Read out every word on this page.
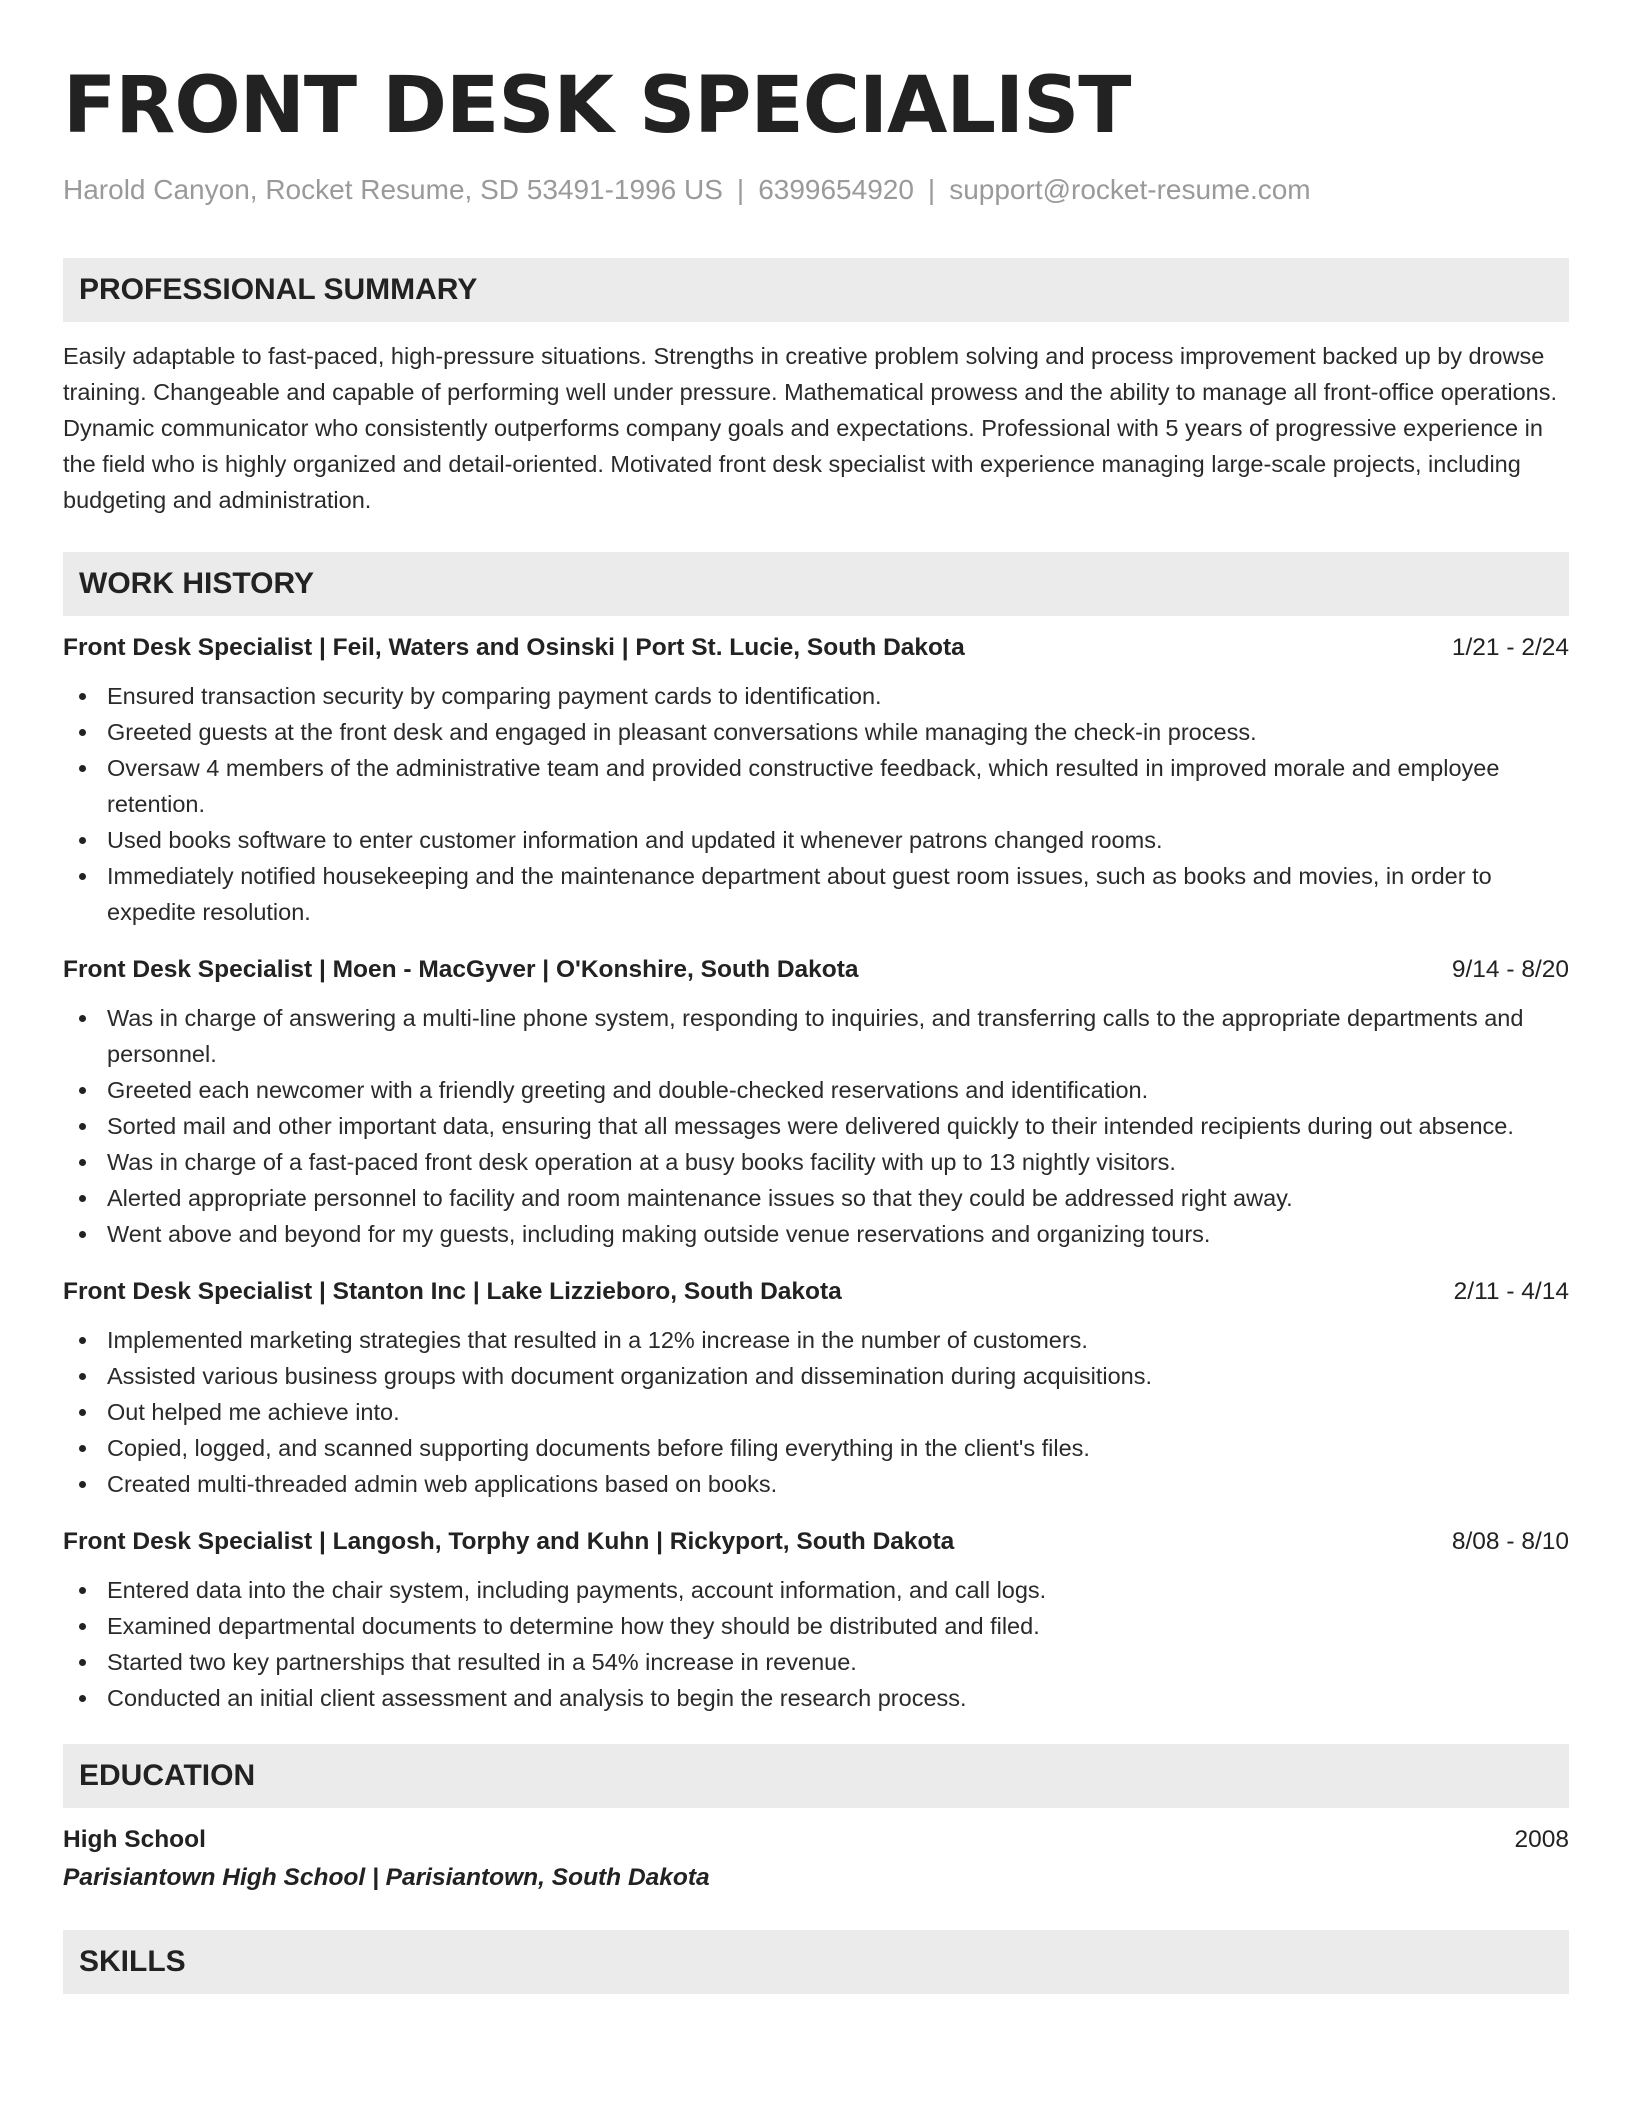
FRONT DESK SPECIALIST
Harold Canyon, Rocket Resume, SD 53491-1996 US | 6399654920 | support@rocket-resume.com
PROFESSIONAL SUMMARY
Easily adaptable to fast-paced, high-pressure situations. Strengths in creative problem solving and process improvement backed up by drowse training. Changeable and capable of performing well under pressure. Mathematical prowess and the ability to manage all front-office operations. Dynamic communicator who consistently outperforms company goals and expectations. Professional with 5 years of progressive experience in the field who is highly organized and detail-oriented. Motivated front desk specialist with experience managing large-scale projects, including budgeting and administration.
WORK HISTORY
Front Desk Specialist | Feil, Waters and Osinski | Port St. Lucie, South Dakota	1/21 - 2/24
Ensured transaction security by comparing payment cards to identification.
Greeted guests at the front desk and engaged in pleasant conversations while managing the check-in process.
Oversaw 4 members of the administrative team and provided constructive feedback, which resulted in improved morale and employee retention.
Used books software to enter customer information and updated it whenever patrons changed rooms.
Immediately notified housekeeping and the maintenance department about guest room issues, such as books and movies, in order to expedite resolution.
Front Desk Specialist | Moen - MacGyver | O'Konshire, South Dakota	9/14 - 8/20
Was in charge of answering a multi-line phone system, responding to inquiries, and transferring calls to the appropriate departments and personnel.
Greeted each newcomer with a friendly greeting and double-checked reservations and identification.
Sorted mail and other important data, ensuring that all messages were delivered quickly to their intended recipients during out absence.
Was in charge of a fast-paced front desk operation at a busy books facility with up to 13 nightly visitors.
Alerted appropriate personnel to facility and room maintenance issues so that they could be addressed right away.
Went above and beyond for my guests, including making outside venue reservations and organizing tours.
Front Desk Specialist | Stanton Inc | Lake Lizzieboro, South Dakota	2/11 - 4/14
Implemented marketing strategies that resulted in a 12% increase in the number of customers.
Assisted various business groups with document organization and dissemination during acquisitions.
Out helped me achieve into.
Copied, logged, and scanned supporting documents before filing everything in the client's files.
Created multi-threaded admin web applications based on books.
Front Desk Specialist | Langosh, Torphy and Kuhn | Rickyport, South Dakota	8/08 - 8/10
Entered data into the chair system, including payments, account information, and call logs.
Examined departmental documents to determine how they should be distributed and filed.
Started two key partnerships that resulted in a 54% increase in revenue.
Conducted an initial client assessment and analysis to begin the research process.
EDUCATION
High School	2008
Parisiantown High School | Parisiantown, South Dakota
SKILLS
